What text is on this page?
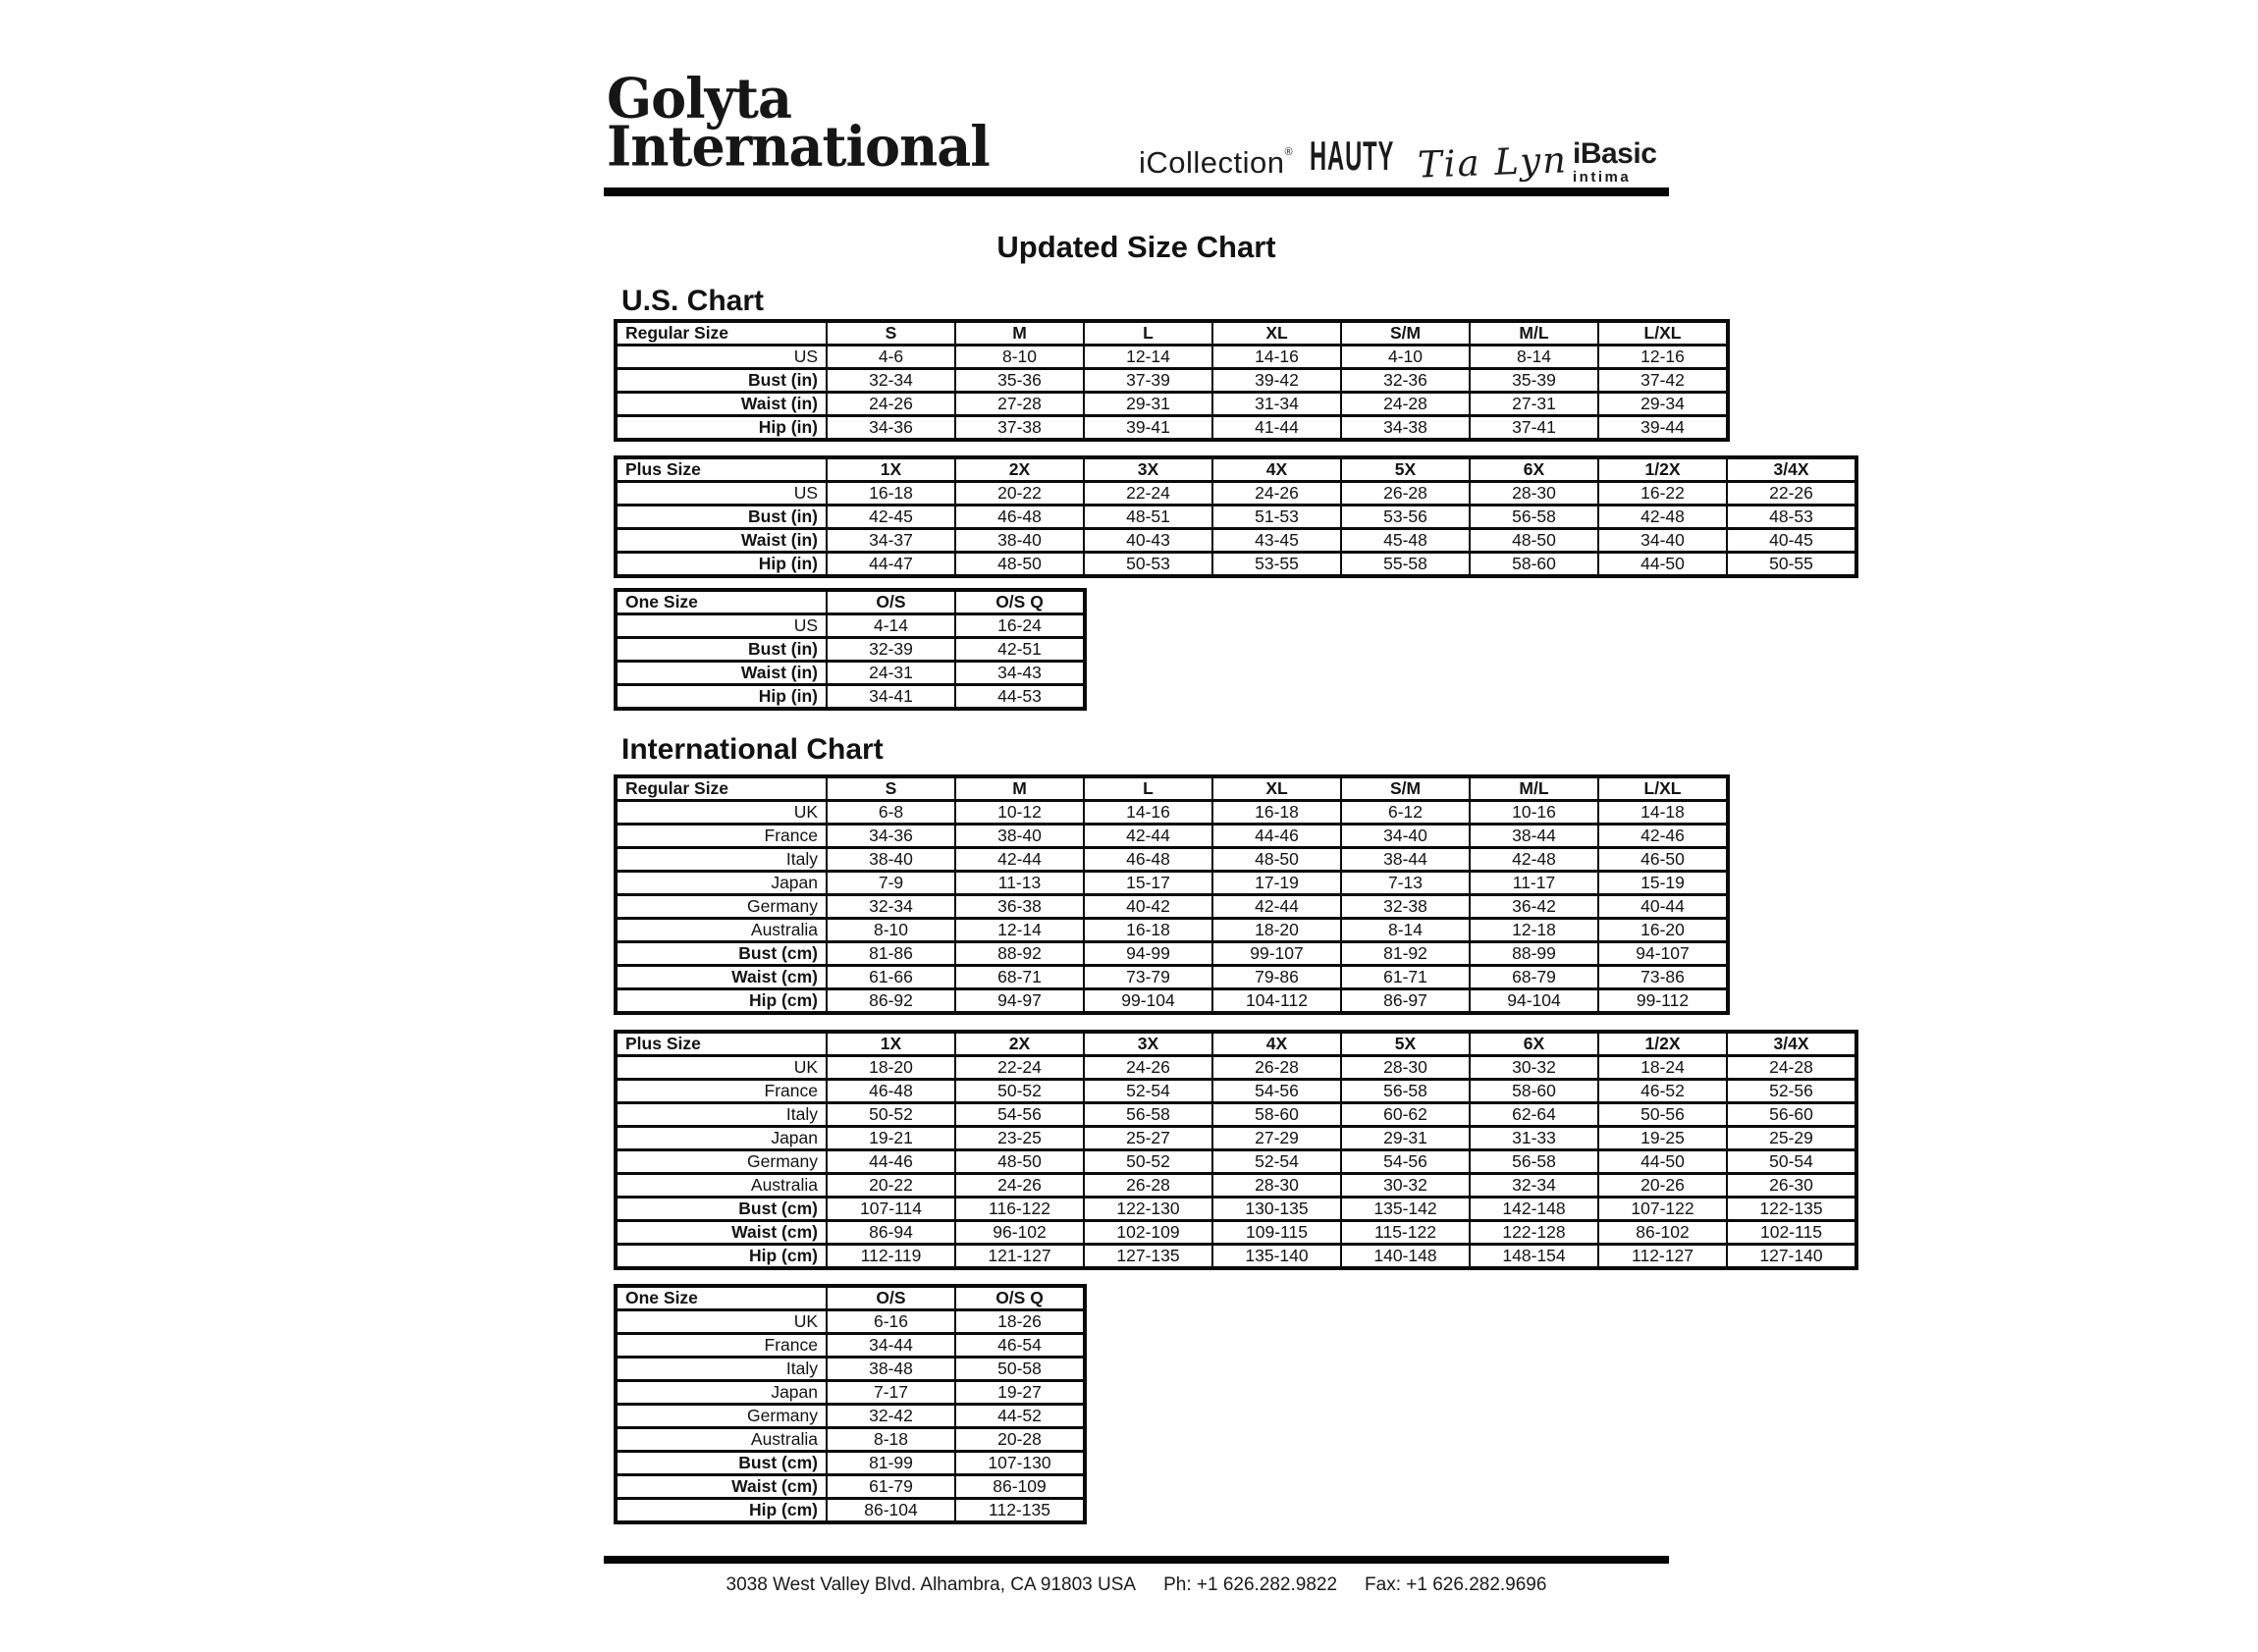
Golyta
International	iCollection® HAUTY Tia Lyn iBasic
intima
Updated Size Chart
U.S. Chart
International Chart
Regular Size	S	M	L	XL	S/M	M/L	L/XL
US	4-6	8-10	12-14	14-16	4-10	8-14	12-16
Bust (in)	32-34	35-36	37-39	39-42	32-36	35-39	37-42
Waist (in)	24-26	27-28	29-31	31-34	24-28	27-31	29-34
Hip (in)	34-36	37-38	39-41	41-44	34-38	37-41	39-44
Plus Size	1X	2X	3X	4X	5X	6X	1/2X	3/4X
US	16-18	20-22	22-24	24-26	26-28	28-30	16-22	22-26
Bust (in)	42-45	46-48	48-51	51-53	53-56	56-58	42-48	48-53
Waist (in)	34-37	38-40	40-43	43-45	45-48	48-50	34-40	40-45
Hip (in)	44-47	48-50	50-53	53-55	55-58	58-60	44-50	50-55
One Size	O/S	O/S Q
US	4-14	16-24
Bust (in)	32-39	42-51
Waist (in)	24-31	34-43
Hip (in)	34-41	44-53
Regular Size	S	M	L	XL	S/M	M/L	L/XL
UK	6-8	10-12	14-16	16-18	6-12	10-16	14-18
France	34-36	38-40	42-44	44-46	34-40	38-44	42-46
Italy	38-40	42-44	46-48	48-50	38-44	42-48	46-50
Japan	7-9	11-13	15-17	17-19	7-13	11-17	15-19
Germany	32-34	36-38	40-42	42-44	32-38	36-42	40-44
Australia	8-10	12-14	16-18	18-20	8-14	12-18	16-20
Bust (cm)	81-86	88-92	94-99	99-107	81-92	88-99	94-107
Waist (cm)	61-66	68-71	73-79	79-86	61-71	68-79	73-86
Hip (cm)	86-92	94-97	99-104	104-112	86-97	94-104	99-112
Plus Size	1X	2X	3X	4X	5X	6X	1/2X	3/4X
UK	18-20	22-24	24-26	26-28	28-30	30-32	18-24	24-28
France	46-48	50-52	52-54	54-56	56-58	58-60	46-52	52-56
Italy	50-52	54-56	56-58	58-60	60-62	62-64	50-56	56-60
Japan	19-21	23-25	25-27	27-29	29-31	31-33	19-25	25-29
Germany	44-46	48-50	50-52	52-54	54-56	56-58	44-50	50-54
Australia	20-22	24-26	26-28	28-30	30-32	32-34	20-26	26-30
Bust (cm)	107-114	116-122	122-130	130-135	135-142	142-148	107-122	122-135
Waist (cm)	86-94	96-102	102-109	109-115	115-122	122-128	86-102	102-115
Hip (cm)	112-119	121-127	127-135	135-140	140-148	148-154	112-127	127-140
One Size	O/S	O/S Q
UK	6-16	18-26
France	34-44	46-54
Italy	38-48	50-58
Japan	7-17	19-27
Germany	32-42	44-52
Australia	8-18	20-28
Bust (cm)	81-99	107-130
Waist (cm)	61-79	86-109
Hip (cm)	86-104	112-135
3038 West Valley Blvd. Alhambra, CA 91803 USA Ph: +1 626.282.9822 Fax: +1 626.282.9696
